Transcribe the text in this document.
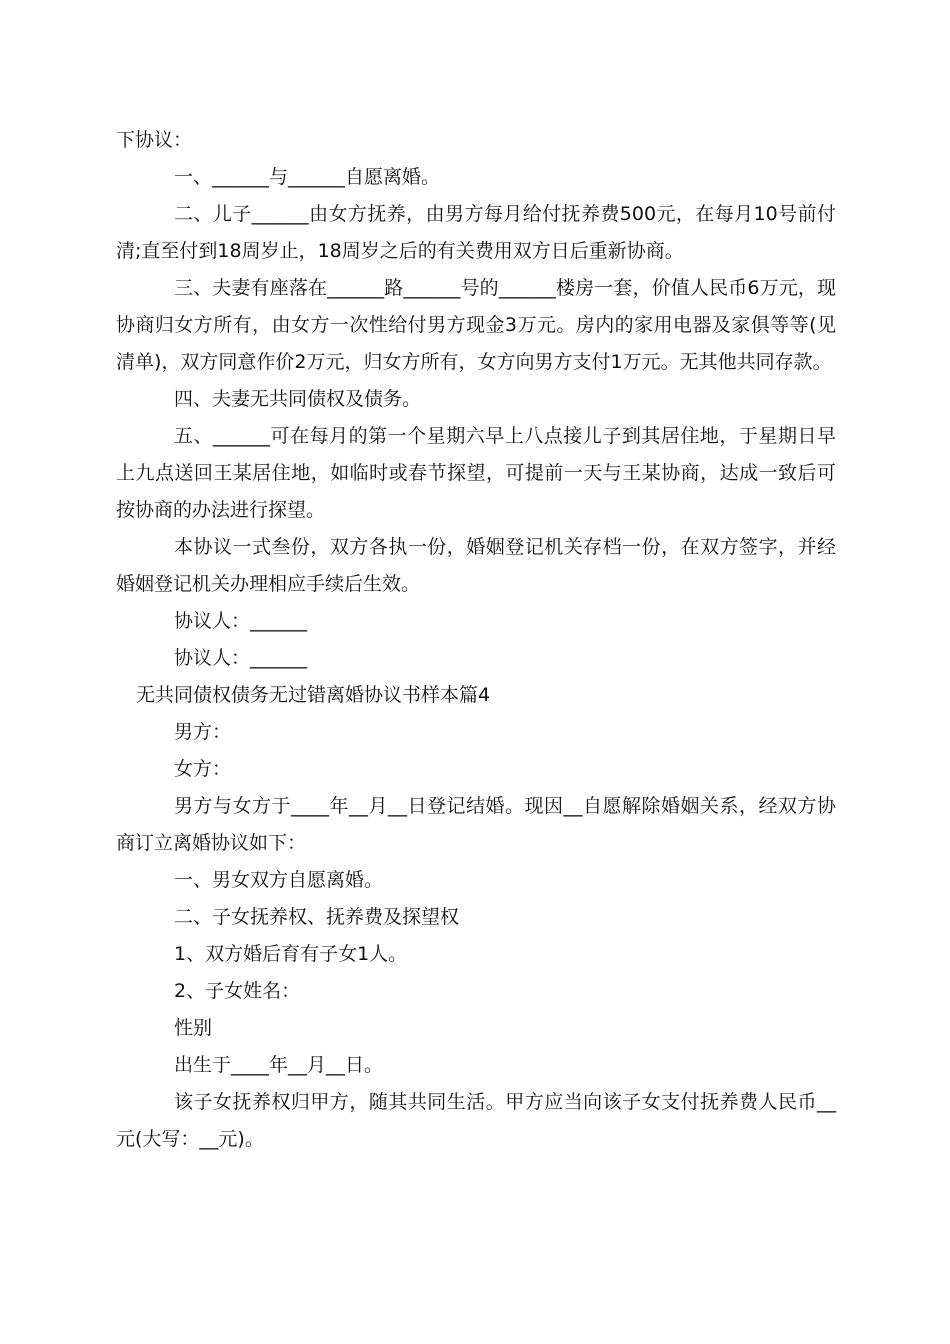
下协议：

一、______与______自愿离婚。

二、儿子______由女方抚养，由男方每月给付抚养费500元，在每月10号前付清;直至付到18周岁止，18周岁之后的有关费用双方日后重新协商。

三、夫妻有座落在______路______号的______楼房一套，价值人民币6万元，现协商归女方所有，由女方一次性给付男方现金3万元。房内的家用电器及家俱等等(见清单)，双方同意作价2万元，归女方所有，女方向男方支付1万元。无其他共同存款。

四、夫妻无共同债权及债务。

五、______可在每月的第一个星期六早上八点接儿子到其居住地，于星期日早上九点送回王某居住地，如临时或春节探望，可提前一天与王某协商，达成一致后可按协商的办法进行探望。

本协议一式叁份，双方各执一份，婚姻登记机关存档一份，在双方签字，并经婚姻登记机关办理相应手续后生效。

协议人：______

协议人：______

无共同债权债务无过错离婚协议书样本篇4

男方：

女方：

男方与女方于____年__月__日登记结婚。现因__自愿解除婚姻关系，经双方协商订立离婚协议如下：

一、男女双方自愿离婚。

二、子女抚养权、抚养费及探望权

1、双方婚后育有子女1人。

2、子女姓名：

性别

出生于____年__月__日。

该子女抚养权归甲方，随其共同生活。甲方应当向该子女支付抚养费人民币__元(大写：__元)。
